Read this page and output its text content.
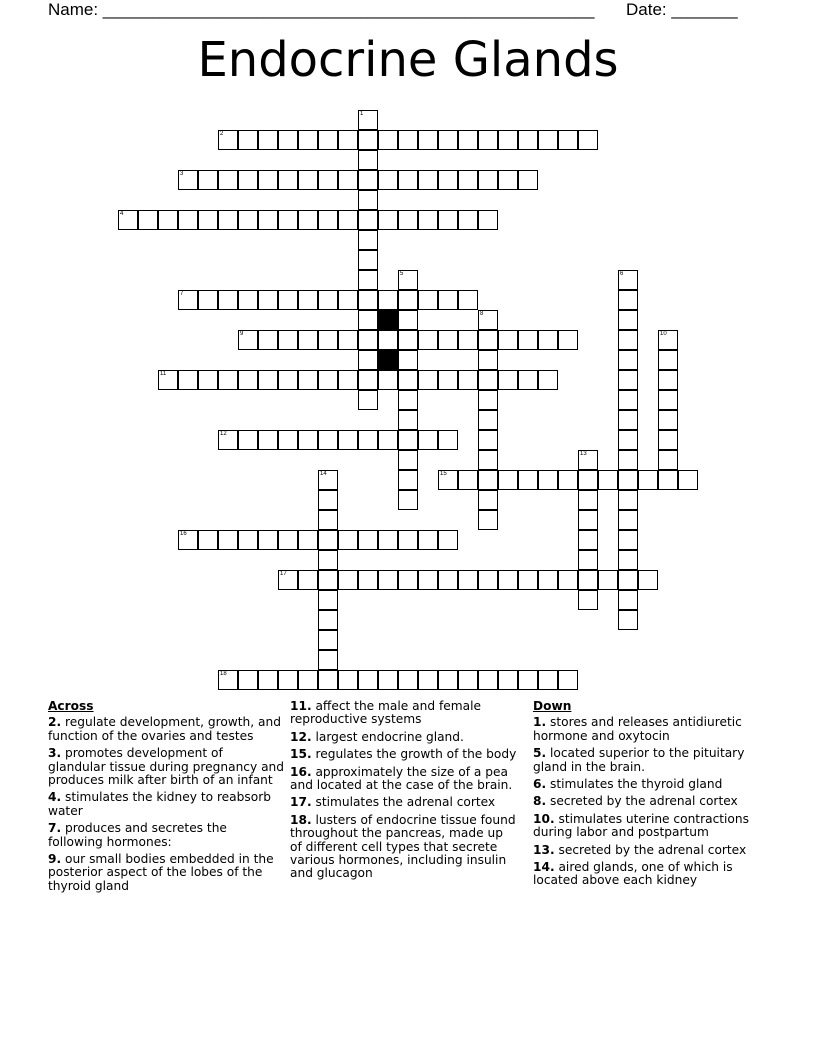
Name: ____________________________________________________ Date: _______
Endocrine Glands
1
2
3
4
5	6
7
8
9	10
11
12
13
14	15
16
17
18
Across
2. regulate development, growth, and function of the ovaries and testes
3. promotes development of glandular tissue during pregnancy and produces milk after birth of an infant
4. stimulates the kidney to reabsorb water
7. produces and secretes the following hormones:
9. our small bodies embedded in the posterior aspect of the lobes of the thyroid gland
11. affect the male and female reproductive systems
12. largest endocrine gland.
15. regulates the growth of the body
16. approximately the size of a pea and located at the case of the brain.
17. stimulates the adrenal cortex
18. lusters of endocrine tissue found throughout the pancreas, made up of different cell types that secrete various hormones, including insulin and glucagon
Down
1. stores and releases antidiuretic hormone and oxytocin
5. located superior to the pituitary gland in the brain.
6. stimulates the thyroid gland
8. secreted by the adrenal cortex
10. stimulates uterine contractions during labor and postpartum
13. secreted by the adrenal cortex
14. aired glands, one of which is located above each kidney
